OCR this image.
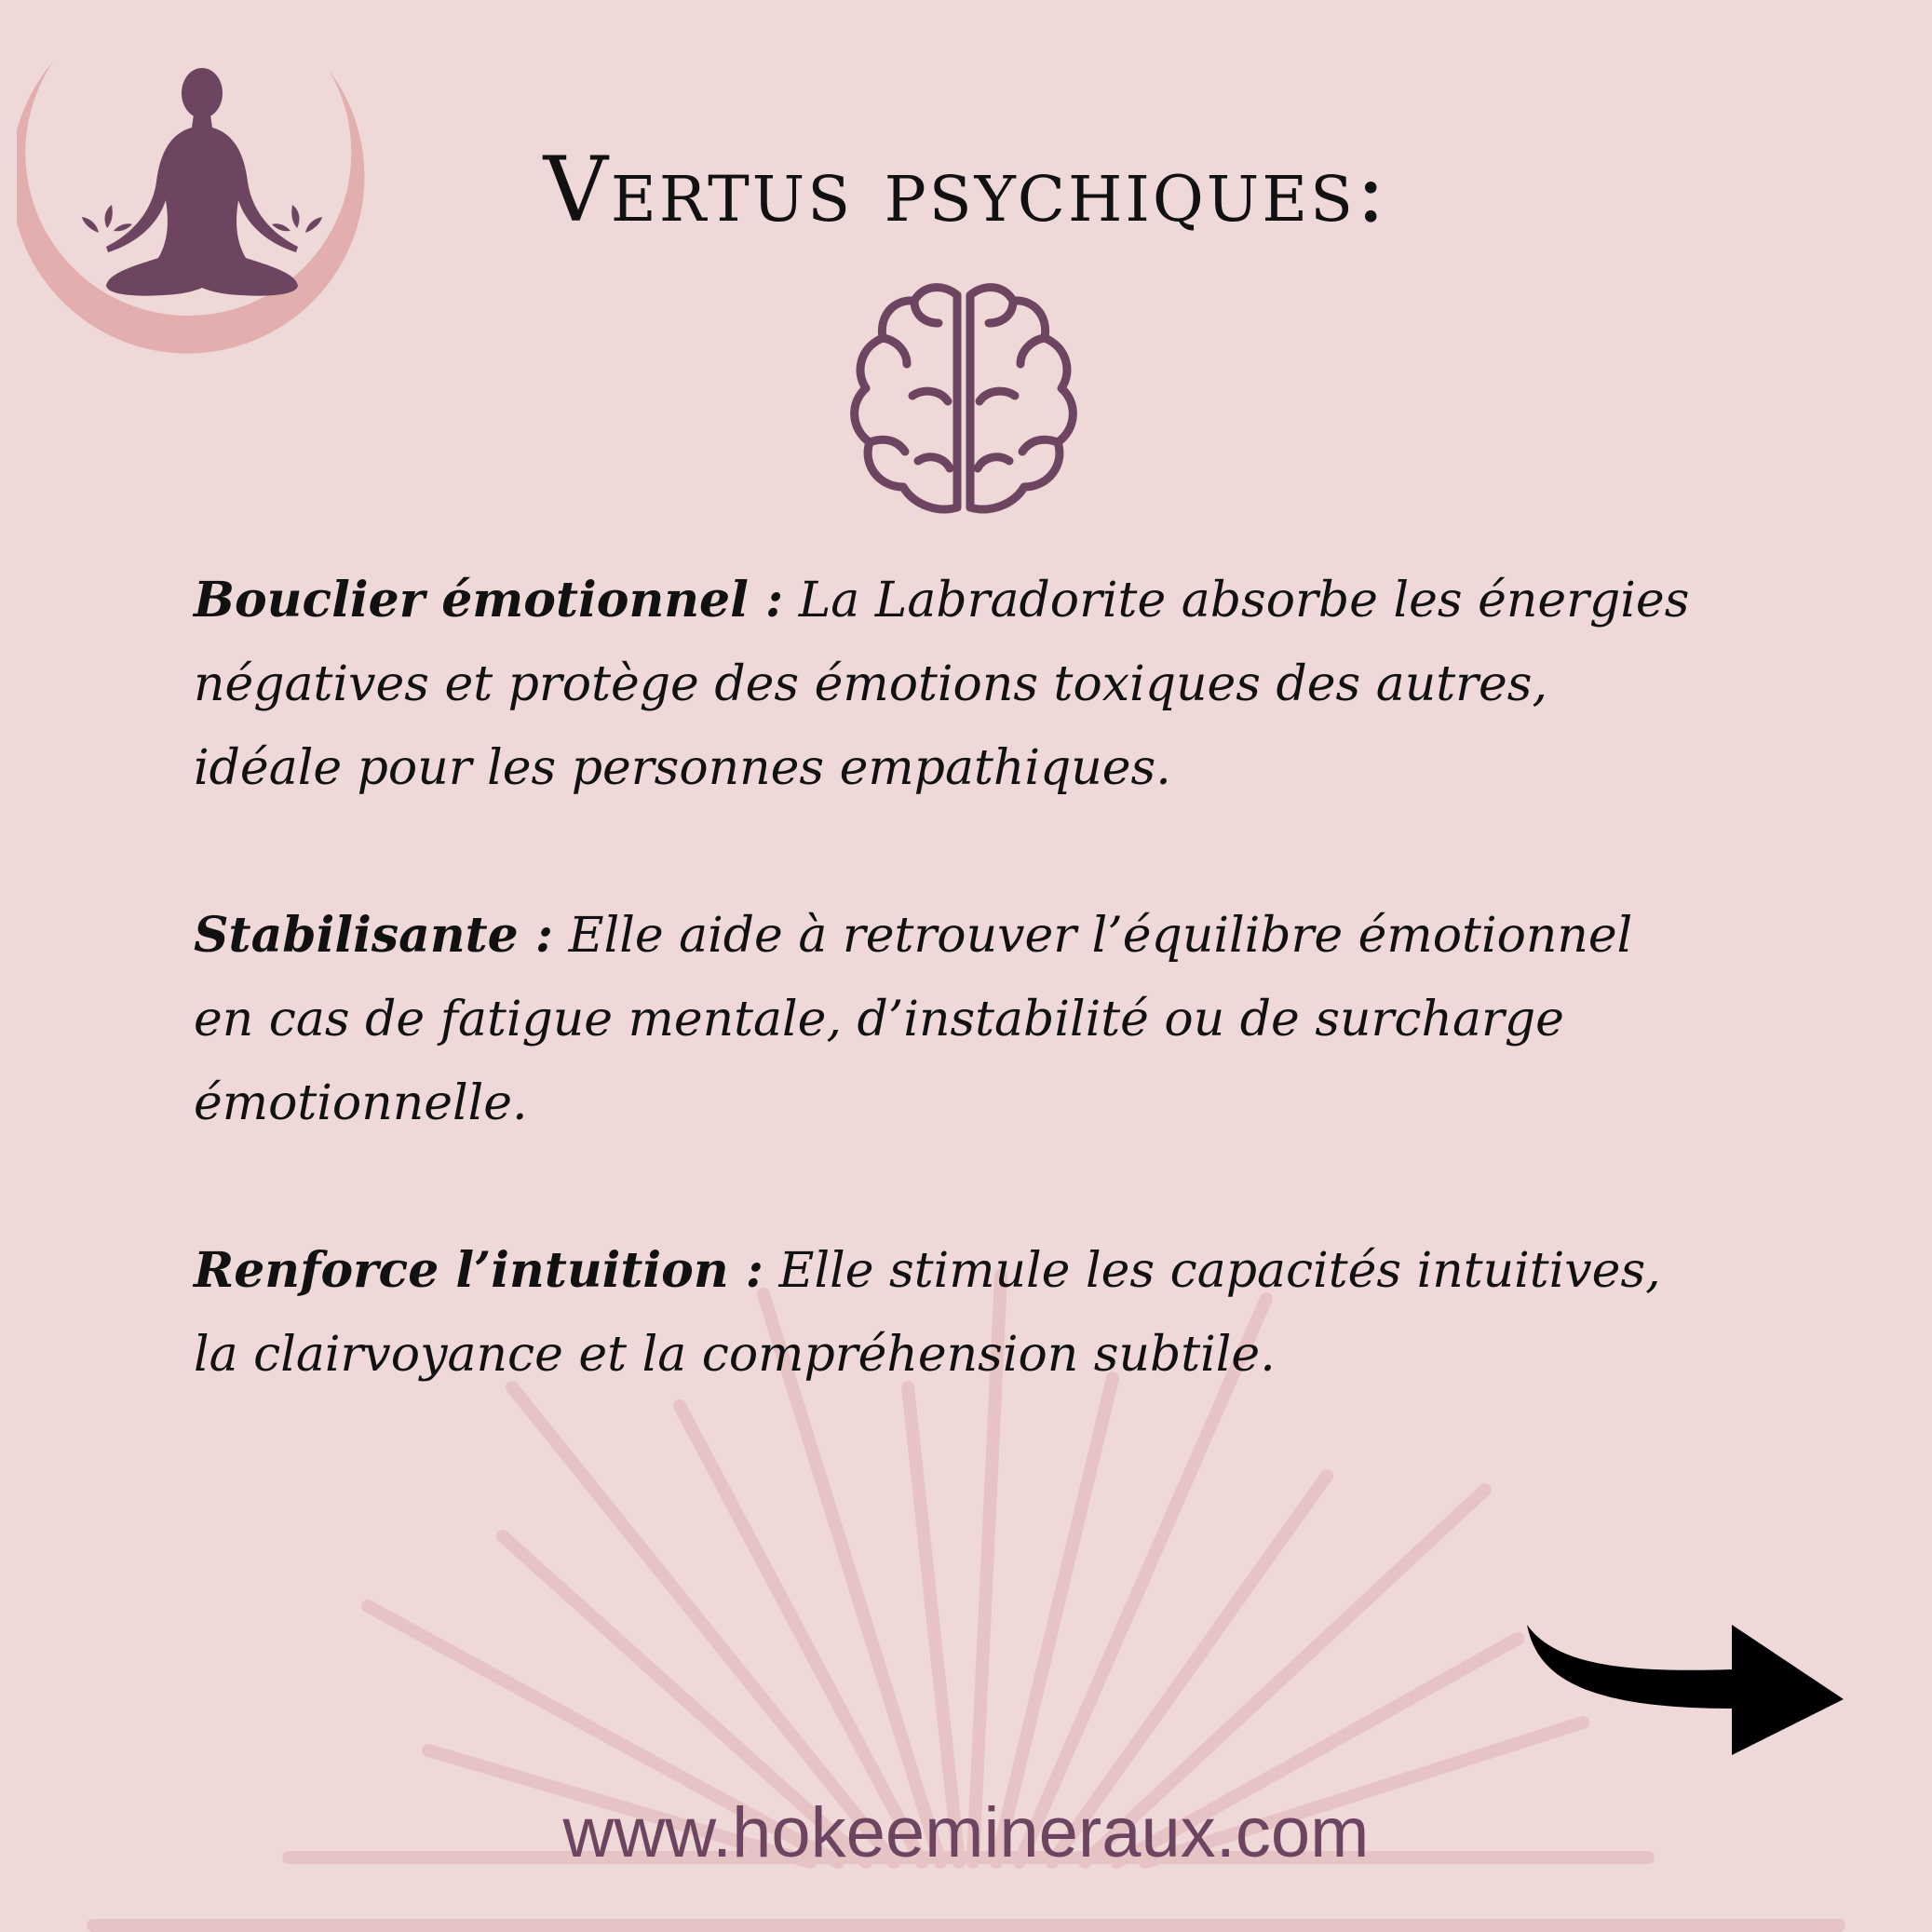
Vertus psychiques:

Bouclier émotionnel : La Labradorite absorbe les énergies
négatives et protège des émotions toxiques des autres,
idéale pour les personnes empathiques.

Stabilisante : Elle aide à retrouver l’équilibre émotionnel
en cas de fatigue mentale, d’instabilité ou de surcharge
émotionnelle.

Renforce l’intuition : Elle stimule les capacités intuitives,
la clairvoyance et la compréhension subtile.

www.hokeemineraux.com
